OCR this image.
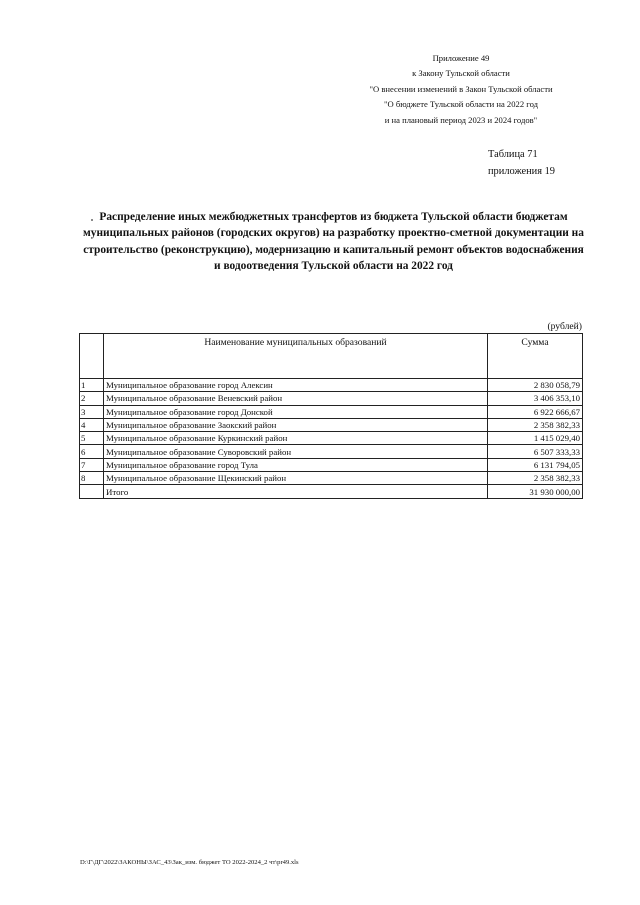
Приложение 49
к Закону Тульской области
"О внесении изменений в Закон Тульской области
"О бюджете Тульской области на 2022 год
и на плановый период 2023 и 2024 годов"
Таблица 71
приложения 19
Распределение иных межбюджетных трансфертов из бюджета Тульской области бюджетам муниципальных районов (городских округов) на разработку проектно-сметной документации на строительство (реконструкцию), модернизацию и капитальный ремонт объектов водоснабжения и водоотведения Тульской области на 2022 год
(рублей)
	Наименование муниципальных образований	Сумма
1	Муниципальное образование город Алексин	2 830 058,79
2	Муниципальное образование Веневский район	3 406 353,10
3	Муниципальное образование город Донской	6 922 666,67
4	Муниципальное образование Заокский район	2 358 382,33
5	Муниципальное образование Куркинский район	1 415 029,40
6	Муниципальное образование Суворовский район	6 507 333,33
7	Муниципальное образование город Тула	6 131 794,05
8	Муниципальное образование Щекинский район	2 358 382,33
	Итого	31 930 000,00
D:\Г\ДГ\2022\ЗАКОНЫ\ЗАС_43\Зак_изм. бюджет ТО 2022-2024_2 чт\рr49.xls
